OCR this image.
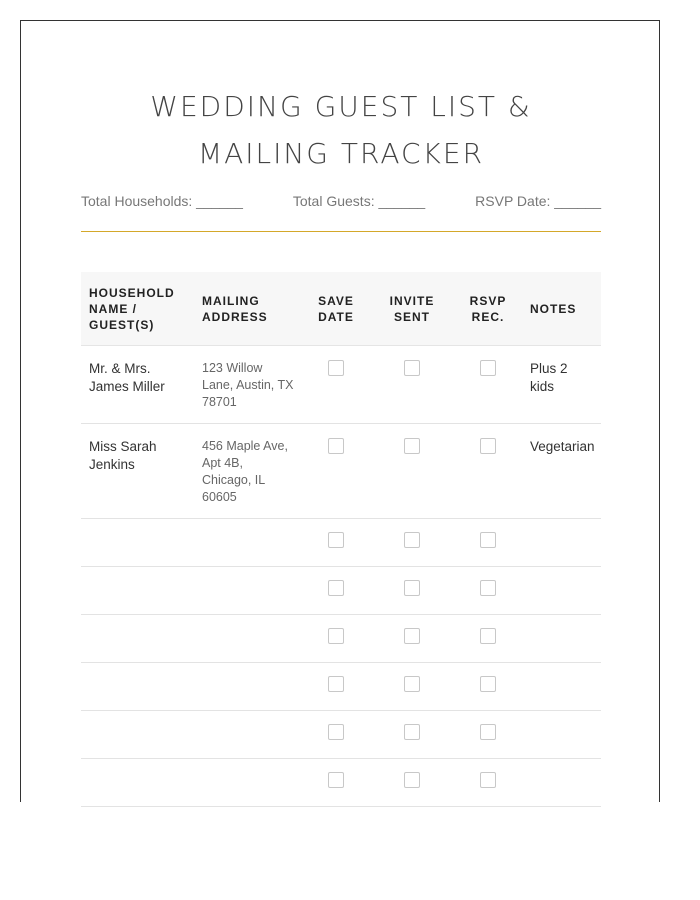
WEDDING GUEST LIST & MAILING TRACKER
Total Households: ______	Total Guests: ______	RSVP Date: ______
HOUSEHOLD NAME / GUEST(S)	MAILING ADDRESS	SAVE DATE	INVITE SENT	RSVP REC.	NOTES
Mr. & Mrs. James Miller	123 Willow Lane, Austin, TX 78701				Plus 2 kids
Miss Sarah Jenkins	456 Maple Ave, Apt 4B, Chicago, IL 60605				Vegetarian
